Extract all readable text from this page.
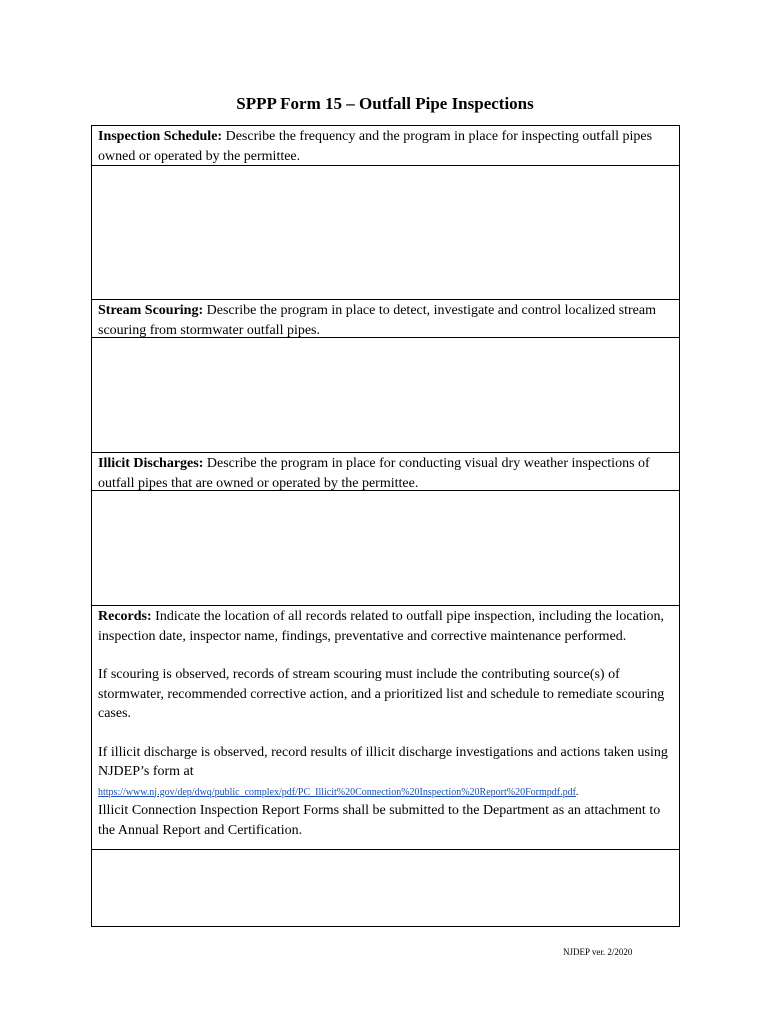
SPPP Form 15 – Outfall Pipe Inspections
Inspection Schedule: Describe the frequency and the program in place for inspecting outfall pipes owned or operated by the permittee.
Stream Scouring: Describe the program in place to detect, investigate and control localized stream scouring from stormwater outfall pipes.
Illicit Discharges: Describe the program in place for conducting visual dry weather inspections of outfall pipes that are owned or operated by the permittee.

Records: Indicate the location of all records related to outfall pipe inspection, including the location, inspection date, inspector name, findings, preventative and corrective maintenance performed.

If scouring is observed, records of stream scouring must include the contributing source(s) of stormwater, recommended corrective action, and a prioritized list and schedule to remediate scouring cases.

If illicit discharge is observed, record results of illicit discharge investigations and actions taken using NJDEP’s form at

https://www.nj.gov/dep/dwq/public_complex/pdf/PC_Illicit%20Connection%20Inspection%20Report%20Formpdf.pdf.

Illicit Connection Inspection Report Forms shall be submitted to the Department as an attachment to the Annual Report and Certification.

NJDEP ver. 2/2020
